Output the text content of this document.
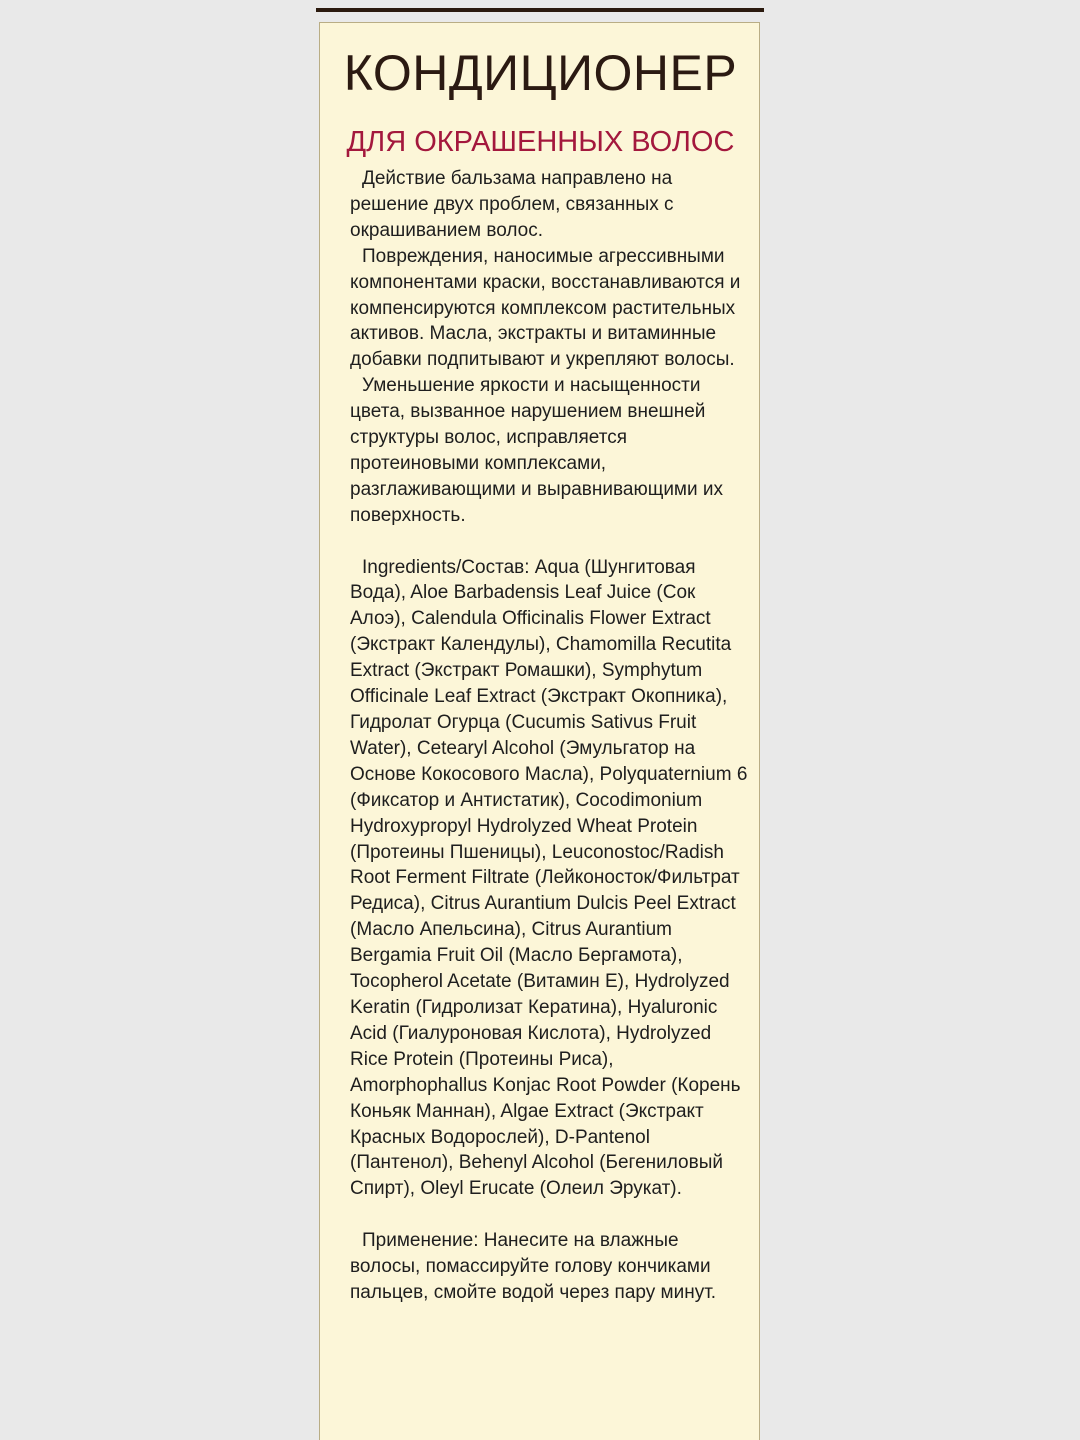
КОНДИЦИОНЕР
ДЛЯ ОКРАШЕННЫХ ВОЛОС

Действие бальзама направлено на решение двух проблем, связанных с окрашиванием волос.

Повреждения, наносимые агрессивными компонентами краски, восстанавливаются и компенсируются комплексом растительных активов. Масла, экстракты и витаминные добавки подпитывают и укрепляют волосы.

Уменьшение яркости и насыщенности цвета, вызванное нарушением внешней структуры волос, исправляется протеиновыми комплексами, разглаживающими и выравнивающими их поверхность.

Ingredients/Состав: Aqua (Шунгитовая Вода), Aloe Barbadensis Leaf Juice (Сок Алоэ), Calendula Officinalis Flower Extract (Экстракт Календулы), Chamomilla Recutita Extract (Экстракт Ромашки), Symphytum Officinale Leaf Extract (Экстракт Окопника), Гидролат Огурца (Cucumis Sativus Fruit Water), Cetearyl Alcohol (Эмульгатор на Основе Кокосового Масла), Polyquaternium 6 (Фиксатор и Антистатик), Cocodimonium Hydroxypropyl Hydrolyzed Wheat Protein (Протеины Пшеницы), Leuconostoc/Radish Root Ferment Filtrate (Лейконосток/Фильтрат Редиса), Citrus Aurantium Dulcis Peel Extract (Масло Апельсина), Citrus Aurantium Bergamia Fruit Oil (Масло Бергамота), Tocopherol Acetate (Витамин Е), Hydrolyzed Keratin (Гидролизат Кератина), Hyaluronic Acid (Гиалуроновая Кислота), Hydrolyzed Rice Protein (Протеины Риса), Amorphophallus Konjac Root Powder (Корень Коньяк Маннан), Algae Extract (Экстракт Красных Водорослей), D-Pantenol (Пантенол), Behenyl Alcohol (Бегениловый Спирт), Oleyl Erucate (Олеил Эрукат).

Применение: Нанесите на влажные волосы, помассируйте голову кончиками пальцев, смойте водой через пару минут.
